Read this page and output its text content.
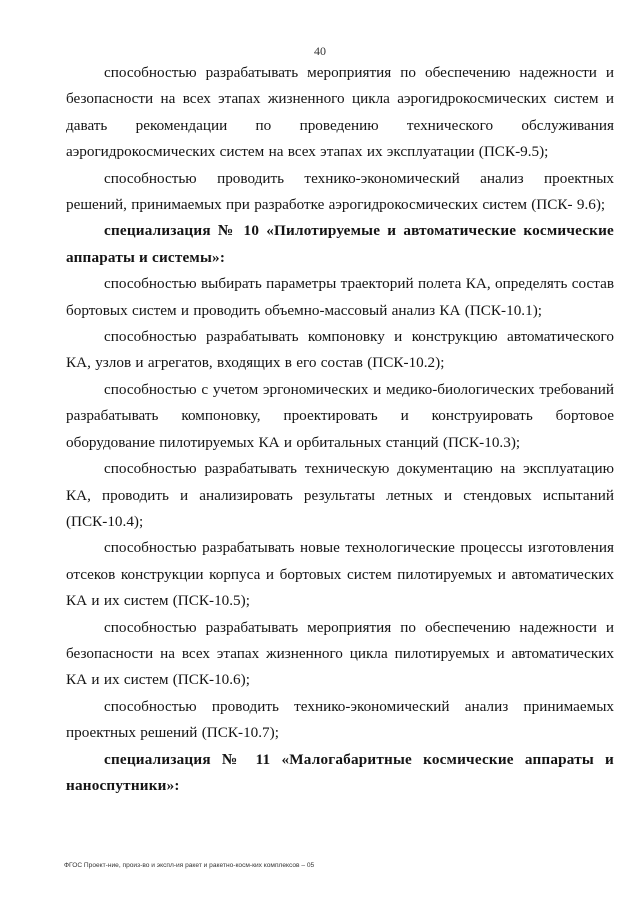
40

способностью разрабатывать мероприятия по обеспечению надежности и безопасности на всех этапах жизненного цикла аэрогидрокосмических систем и давать рекомендации по проведению технического обслуживания аэрогидрокосмических систем на всех этапах их эксплуатации (ПСК-9.5);

способностью проводить технико-экономический анализ проектных решений, принимаемых при разработке аэрогидрокосмических систем (ПСК- 9.6);

специализация № 10 «Пилотируемые и автоматические космические аппараты и системы»:

способностью выбирать параметры траекторий полета КА, определять состав бортовых систем и проводить объемно-массовый анализ КА (ПСК-10.1);

способностью разрабатывать компоновку и конструкцию автоматического КА, узлов и агрегатов, входящих в его состав (ПСК-10.2);

способностью с учетом эргономических и медико-биологических требований разрабатывать компоновку, проектировать и конструировать бортовое оборудование пилотируемых КА и орбитальных станций (ПСК-10.3);

способностью разрабатывать техническую документацию на эксплуатацию КА, проводить и анализировать результаты летных и стендовых испытаний (ПСК-10.4);

способностью разрабатывать новые технологические процессы изготовления отсеков конструкции корпуса и бортовых систем пилотируемых и автоматических КА и их систем (ПСК-10.5);

способностью разрабатывать мероприятия по обеспечению надежности и безопасности на всех этапах жизненного цикла пилотируемых и автоматических КА и их систем (ПСК-10.6);

способностью проводить технико-экономический анализ принимаемых проектных решений (ПСК-10.7);

специализация № 11 «Малогабаритные космические аппараты и наноспутники»:

ФГОС Проект-ние, произ-во и экспл-ия ракет и ракетно-косм-ких комплексов – 05
